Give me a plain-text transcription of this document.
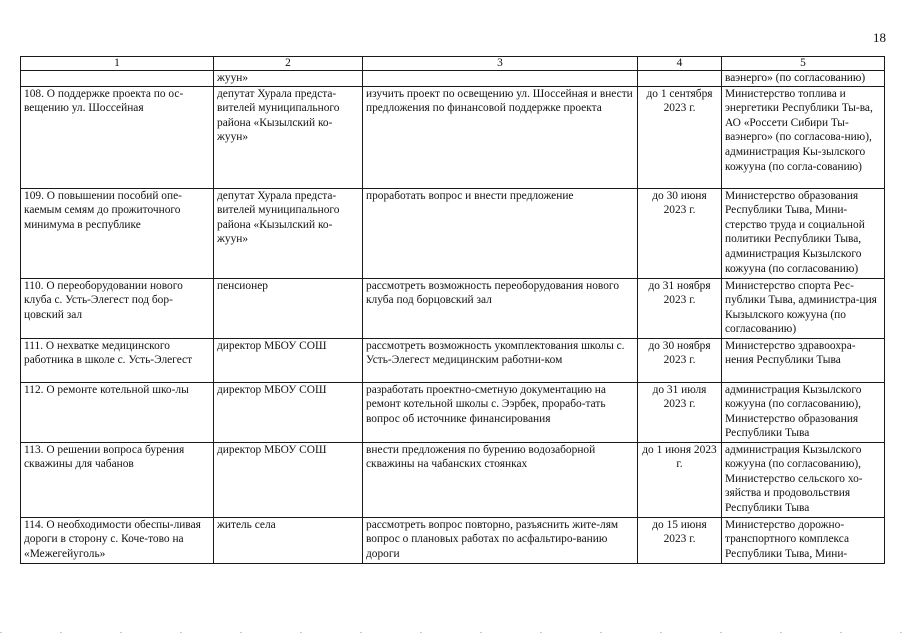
18
1	2	3	4	5
	жуун»			ваэнерго» (по согласованию)
108. О поддержке проекта по ос-вещению ул. Шоссейная	депутат Хурала предста-вителей муниципального района «Кызылский ко-жуун»	изучить проект по освещению ул. Шоссейная и внести предложения по финансовой поддержке проекта	до 1 сентября 2023 г.	Министерство топлива и энергетики Республики Ты-ва, АО «Россети Сибири Ты-ваэнерго» (по согласова-нию), администрация Кы-зылского кожууна (по согла-сованию)
109. О повышении пособий опе-каемым семям до прожиточного минимума в республике	депутат Хурала предста-вителей муниципального района «Кызылский ко-жуун»	проработать вопрос и внести предложение	до 30 июня 2023 г.	Министерство образования Республики Тыва, Мини-стерство труда и социальной политики Республики Тыва, администрация Кызылского кожууна (по согласованию)
110. О переоборудовании нового клуба с. Усть-Элегест под бор-цовский зал	пенсионер	рассмотреть возможность переоборудования нового клуба под борцовский зал	до 31 ноября 2023 г.	Министерство спорта Рес-публики Тыва, администра-ция Кызылского кожууна (по согласованию)
111. О нехватке медицинского работника в школе с. Усть-Элегест	директор МБОУ СОШ	рассмотреть возможность укомплектования школы с. Усть-Элегест медицинским работни-ком	до 30 ноября 2023 г.	Министерство здравоохра-нения Республики Тыва
112. О ремонте котельной шко-лы	директор МБОУ СОШ	разработать проектно-сметную документацию на ремонт котельной школы с. Ээрбек, прорабо-тать вопрос об источнике финансирования	до 31 июля 2023 г.	администрация Кызылского кожууна (по согласованию), Министерство образования Республики Тыва
113. О решении вопроса бурения скважины для чабанов	директор МБОУ СОШ	внести предложения по бурению водозаборной скважины на чабанских стоянках	до 1 июня 2023 г.	администрация Кызылского кожууна (по согласованию), Министерство сельского хо-зяйства и продовольствия Республики Тыва
114. О необходимости обеспы-ливая дороги в сторону с. Коче-тово на «Межегейуголь»	житель села	рассмотреть вопрос повторно, разъяснить жите-лям вопрос о плановых работах по асфальтиро-ванию дороги	до 15 июня 2023 г.	Министерство дорожно-транспортного комплекса Республики Тыва, Мини-
